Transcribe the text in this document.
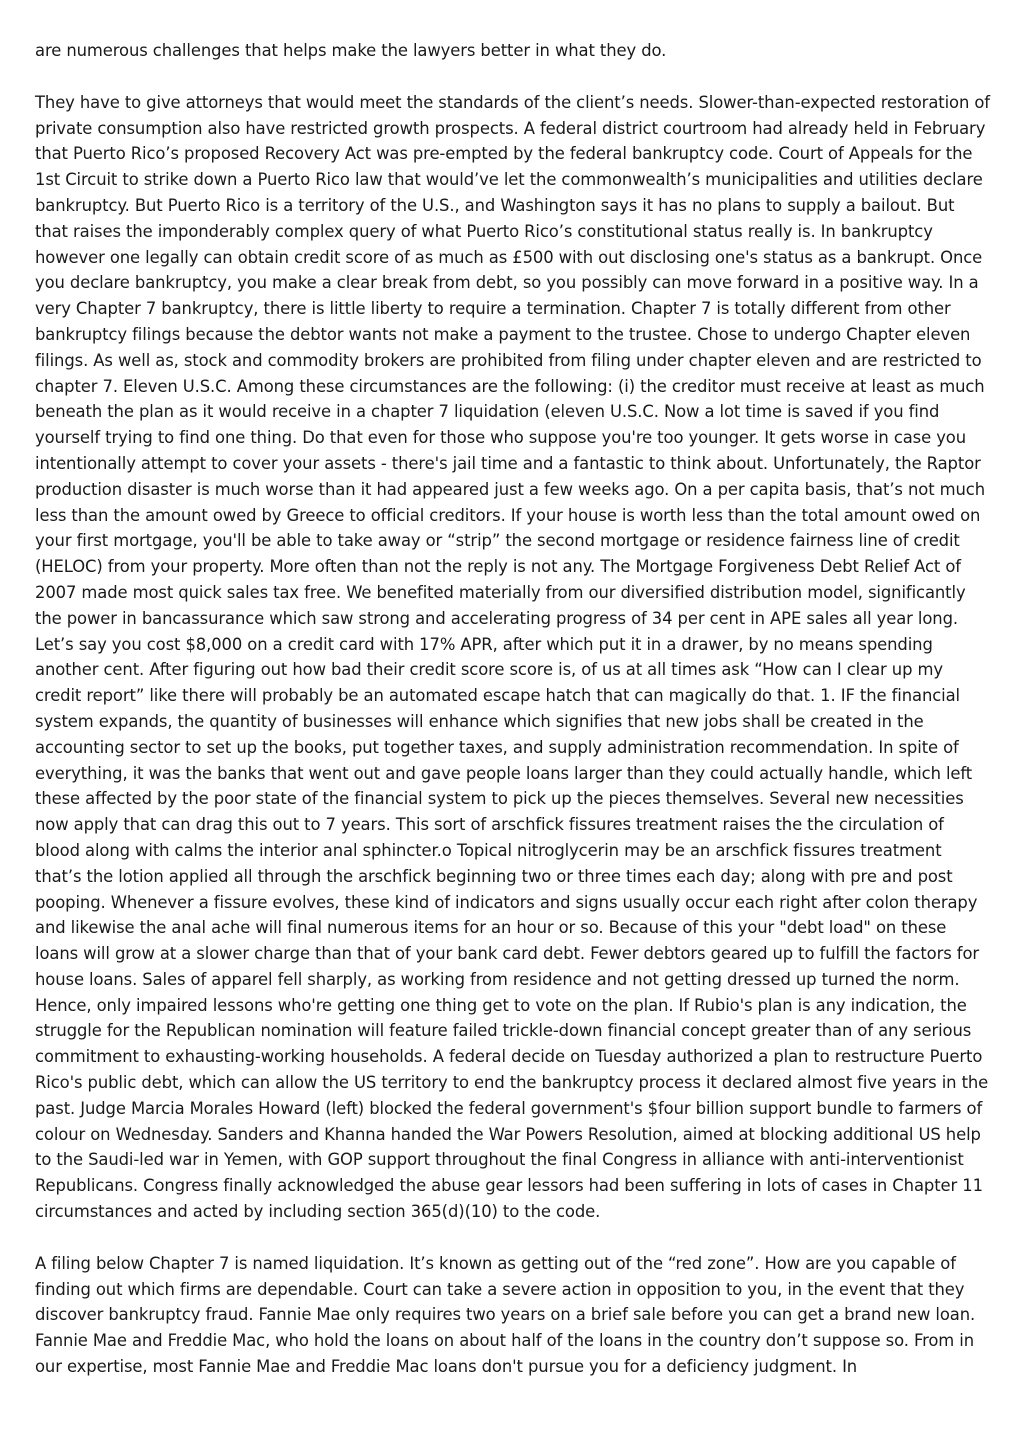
are numerous challenges that helps make the lawyers better in what they do.

They have to give attorneys that would meet the standards of the client’s needs. Slower-than-expected restoration of private consumption also have restricted growth prospects. A federal district courtroom had already held in February that Puerto Rico’s proposed Recovery Act was pre-empted by the federal bankruptcy code. Court of Appeals for the 1st Circuit to strike down a Puerto Rico law that would’ve let the commonwealth’s municipalities and utilities declare bankruptcy. But Puerto Rico is a territory of the U.S., and Washington says it has no plans to supply a bailout. But that raises the imponderably complex query of what Puerto Rico’s constitutional status really is. In bankruptcy however one legally can obtain credit score of as much as £500 with out disclosing one's status as a bankrupt. Once you declare bankruptcy, you make a clear break from debt, so you possibly can move forward in a positive way. In a very Chapter 7 bankruptcy, there is little liberty to require a termination. Chapter 7 is totally different from other bankruptcy filings because the debtor wants not make a payment to the trustee. Chose to undergo Chapter eleven filings. As well as, stock and commodity brokers are prohibited from filing under chapter eleven and are restricted to chapter 7. Eleven U.S.C. Among these circumstances are the following: (i) the creditor must receive at least as much beneath the plan as it would receive in a chapter 7 liquidation (eleven U.S.C. Now a lot time is saved if you find yourself trying to find one thing. Do that even for those who suppose you're too younger. It gets worse in case you intentionally attempt to cover your assets - there's jail time and a fantastic to think about. Unfortunately, the Raptor production disaster is much worse than it had appeared just a few weeks ago. On a per capita basis, that’s not much less than the amount owed by Greece to official creditors. If your house is worth less than the total amount owed on your first mortgage, you'll be able to take away or “strip” the second mortgage or residence fairness line of credit (HELOC) from your property. More often than not the reply is not any. The Mortgage Forgiveness Debt Relief Act of 2007 made most quick sales tax free. We benefited materially from our diversified distribution model, significantly the power in bancassurance which saw strong and accelerating progress of 34 per cent in APE sales all year long. Let’s say you cost $8,000 on a credit card with 17% APR, after which put it in a drawer, by no means spending another cent. After figuring out how bad their credit score score is, of us at all times ask “How can I clear up my credit report” like there will probably be an automated escape hatch that can magically do that. 1. IF the financial system expands, the quantity of businesses will enhance which signifies that new jobs shall be created in the accounting sector to set up the books, put together taxes, and supply administration recommendation. In spite of everything, it was the banks that went out and gave people loans larger than they could actually handle, which left these affected by the poor state of the financial system to pick up the pieces themselves. Several new necessities now apply that can drag this out to 7 years. This sort of arschfick fissures treatment raises the the circulation of blood along with calms the interior anal sphincter.o Topical nitroglycerin may be an arschfick fissures treatment that’s the lotion applied all through the arschfick beginning two or three times each day; along with pre and post pooping. Whenever a fissure evolves, these kind of indicators and signs usually occur each right after colon therapy and likewise the anal ache will final numerous items for an hour or so. Because of this your "debt load" on these loans will grow at a slower charge than that of your bank card debt. Fewer debtors geared up to fulfill the factors for house loans. Sales of apparel fell sharply, as working from residence and not getting dressed up turned the norm. Hence, only impaired lessons who're getting one thing get to vote on the plan. If Rubio's plan is any indication, the struggle for the Republican nomination will feature failed trickle-down financial concept greater than of any serious commitment to exhausting-working households. A federal decide on Tuesday authorized a plan to restructure Puerto Rico's public debt, which can allow the US territory to end the bankruptcy process it declared almost five years in the past. Judge Marcia Morales Howard (left) blocked the federal government's $four billion support bundle to farmers of colour on Wednesday. Sanders and Khanna handed the War Powers Resolution, aimed at blocking additional US help to the Saudi-led war in Yemen, with GOP support throughout the final Congress in alliance with anti-interventionist Republicans. Congress finally acknowledged the abuse gear lessors had been suffering in lots of cases in Chapter 11 circumstances and acted by including section 365(d)(10) to the code.

A filing below Chapter 7 is named liquidation. It’s known as getting out of the “red zone”. How are you capable of finding out which firms are dependable. Court can take a severe action in opposition to you, in the event that they discover bankruptcy fraud. Fannie Mae only requires two years on a brief sale before you can get a brand new loan. Fannie Mae and Freddie Mac, who hold the loans on about half of the loans in the country don’t suppose so. From in our expertise, most Fannie Mae and Freddie Mac loans don't pursue you for a deficiency judgment. In
